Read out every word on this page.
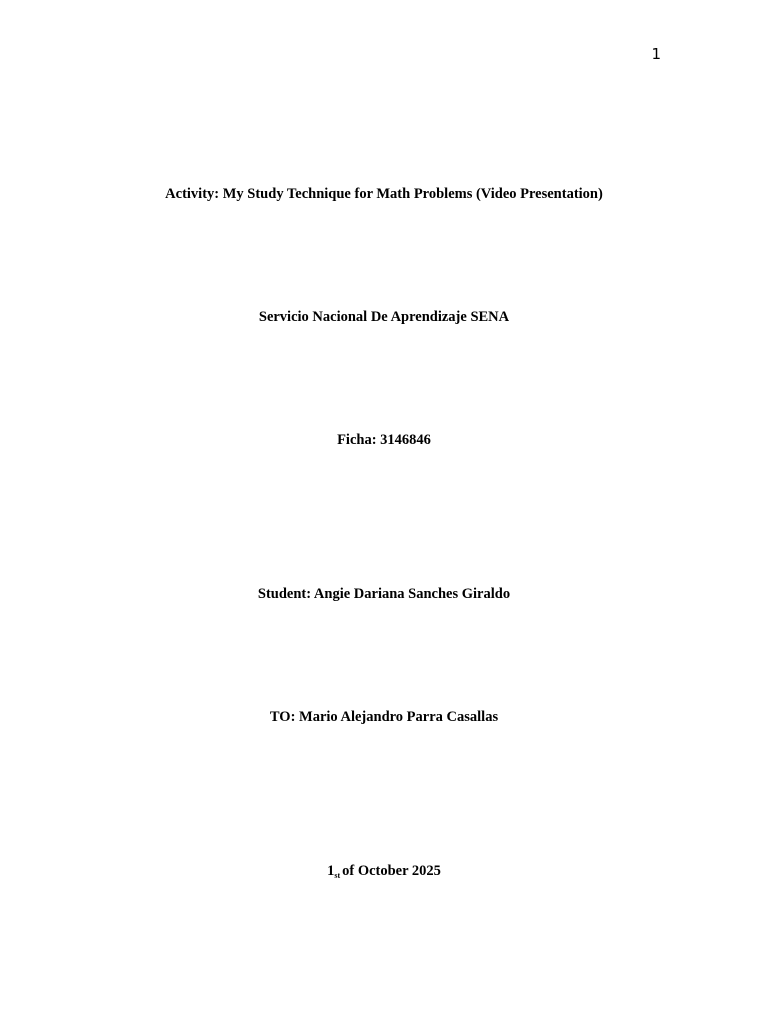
1
Activity: My Study Technique for Math Problems (Video Presentation)
Servicio Nacional De Aprendizaje SENA
Ficha: 3146846
Student: Angie Dariana Sanches Giraldo
TO: Mario Alejandro Parra Casallas
$1_{st}$ of October 2025
